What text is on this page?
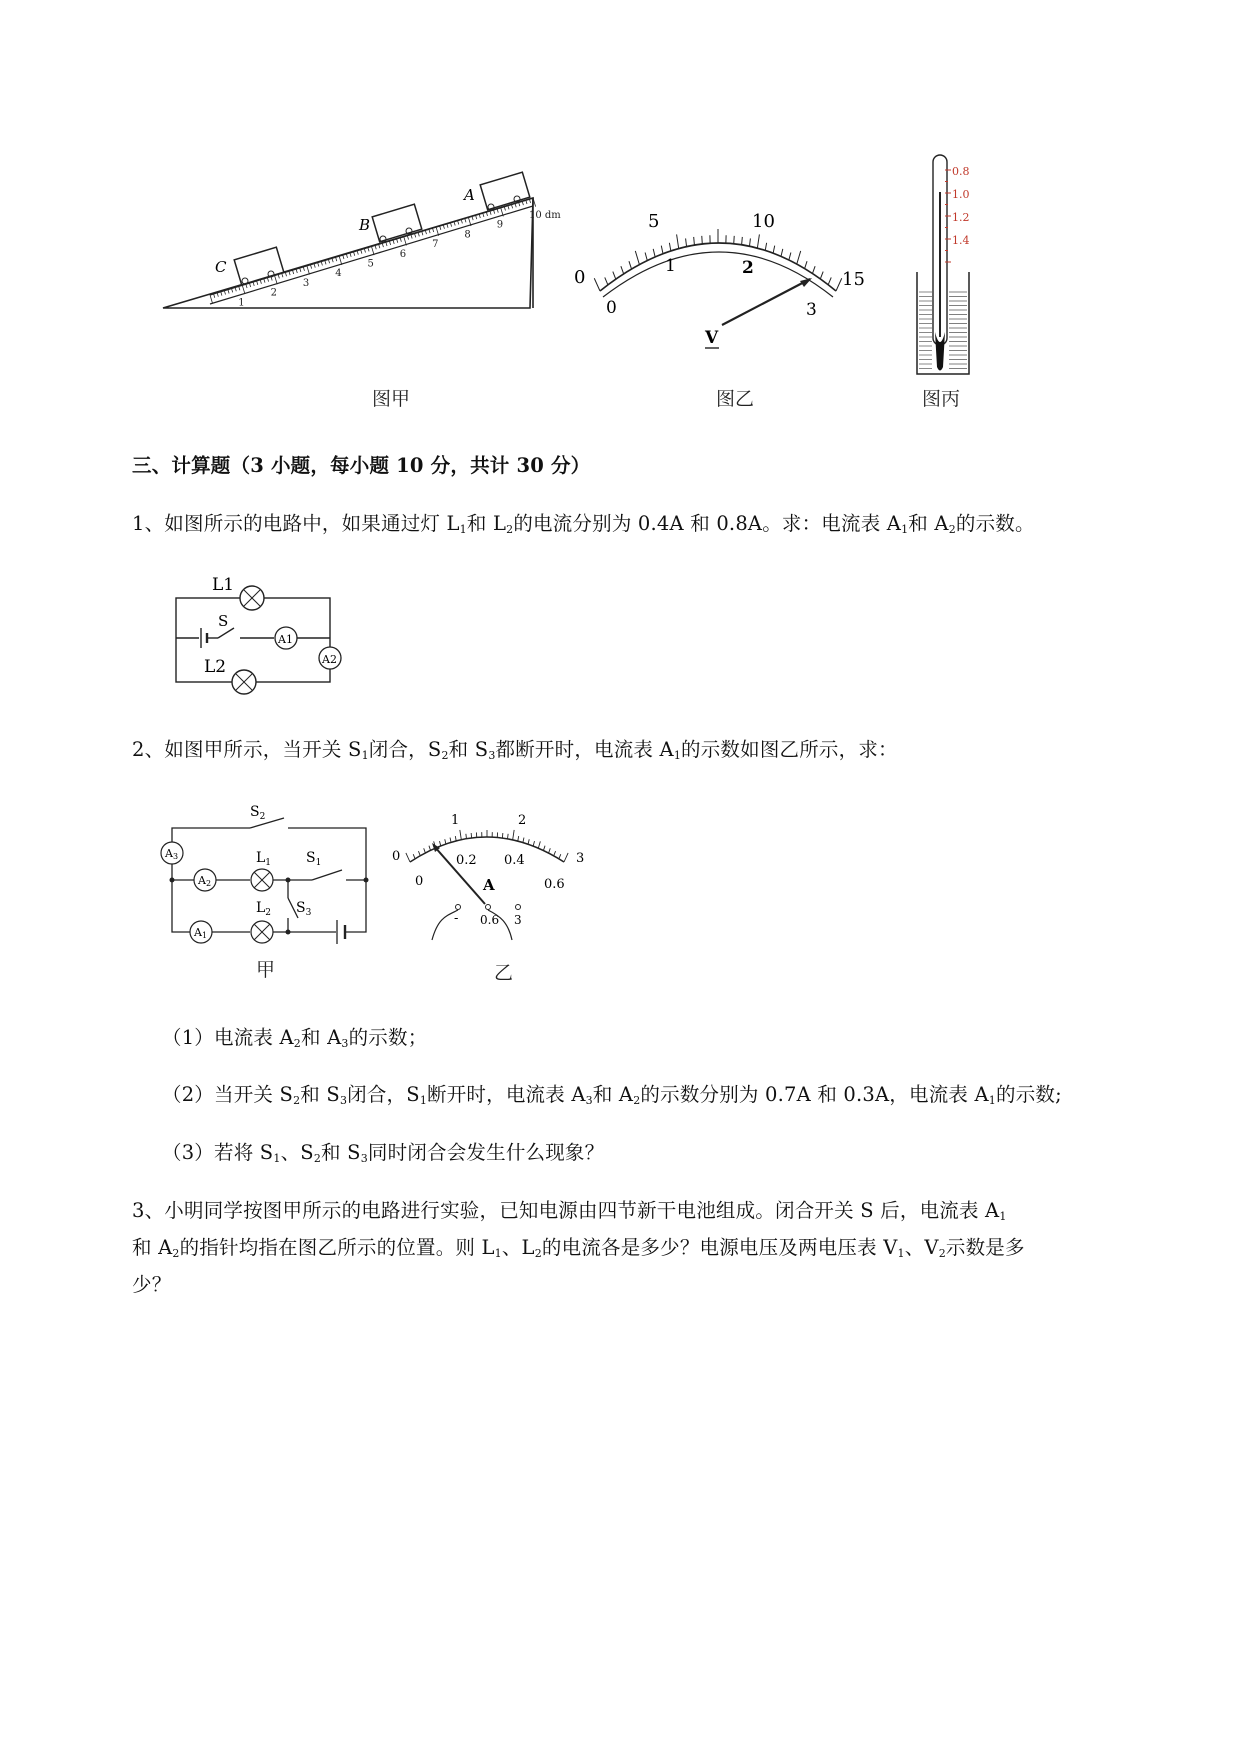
C
B
A
1
2
3
4
5
6
7
8
9
10 dm
图甲
0
5	10
15
0
1	2
3
V
图乙
0.8
1.0
1.2
1.4
图丙
三、计算题（3 小题，每小题 10 分，共计 30 分）
1、如图所示的电路中，如果通过灯 $L_1$和 $L_2$的电流分别为 0.4A 和 0.8A。求：电流表 $A_1$和 $A_2$的示数。
L1
S
L2
A1
A2
2、如图甲所示，当开关 $S_1$闭合，$S_2$和 $S_3$都断开时，电流表 $A_1$的示数如图乙所示，求：
A3
A2
A1
$S_2$
$L_1$ $S_1$
$L_2$ $S_3$
甲
0
1	2
3
0
0.2 0.4
0.6
A
- 0.6 3
乙
（1）电流表 $A_2$和 $A_3$的示数；
（2）当开关 $S_2$和 $S_3$闭合，$S_1$断开时，电流表 $A_3$和 $A_2$的示数分别为 0.7A 和 0.3A，电流表 $A_1$的示数;
（3）若将 $S_1$、$S_2$和 $S_3$同时闭合会发生什么现象？
3、小明同学按图甲所示的电路进行实验，已知电源由四节新干电池组成。闭合开关 S 后，电流表 $A_1$
和 $A_2$的指针均指在图乙所示的位置。则 $L_1$、$L_2$的电流各是多少？电源电压及两电压表 $V_1$、$V_2$示数是多
少？
